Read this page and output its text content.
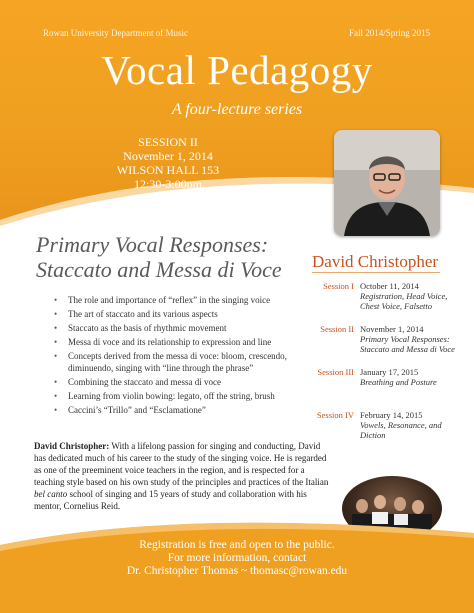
Rowan University Department of Music	Fall 2014/Spring 2015
Vocal Pedagogy
A four-lecture series
SESSION II
November 1, 2014
WILSON HALL 153
12:30-3:00pm
Primary Vocal Responses:
Staccato and Messa di Voce
• The role and importance of “reflex” in the singing voice
• The art of staccato and its various aspects
• Staccato as the basis of rhythmic movement
• Messa di voce and its relationship to expression and line
• Concepts derived from the messa di voce: bloom, crescendo, diminuendo, singing with “line through the phrase”
• Combining the staccato and messa di voce
• Learning from violin bowing: legato, off the string, brush
• Caccini’s “Trillo” and “Esclamatione”
David Christopher
Session I October 11, 2014
Registration, Head Voice, Chest Voice, Falsetto
Session II November 1, 2014
Primary Vocal Responses: Staccato and Messa di Voce
Session III January 17, 2015
Breathing and Posture
Session IV February 14, 2015
Vowels, Resonance, and Diction
David Christopher: With a lifelong passion for singing and conducting, David has dedicated much of his career to the study of the singing voice. He is regarded as one of the preeminent voice teachers in the region, and is respected for a teaching style based on his own study of the principles and practices of the Italian bel canto school of singing and 15 years of study and collaboration with his mentor, Cornelius Reid.
Registration is free and open to the public.
For more information, contact
Dr. Christopher Thomas ~ thomasc@rowan.edu
